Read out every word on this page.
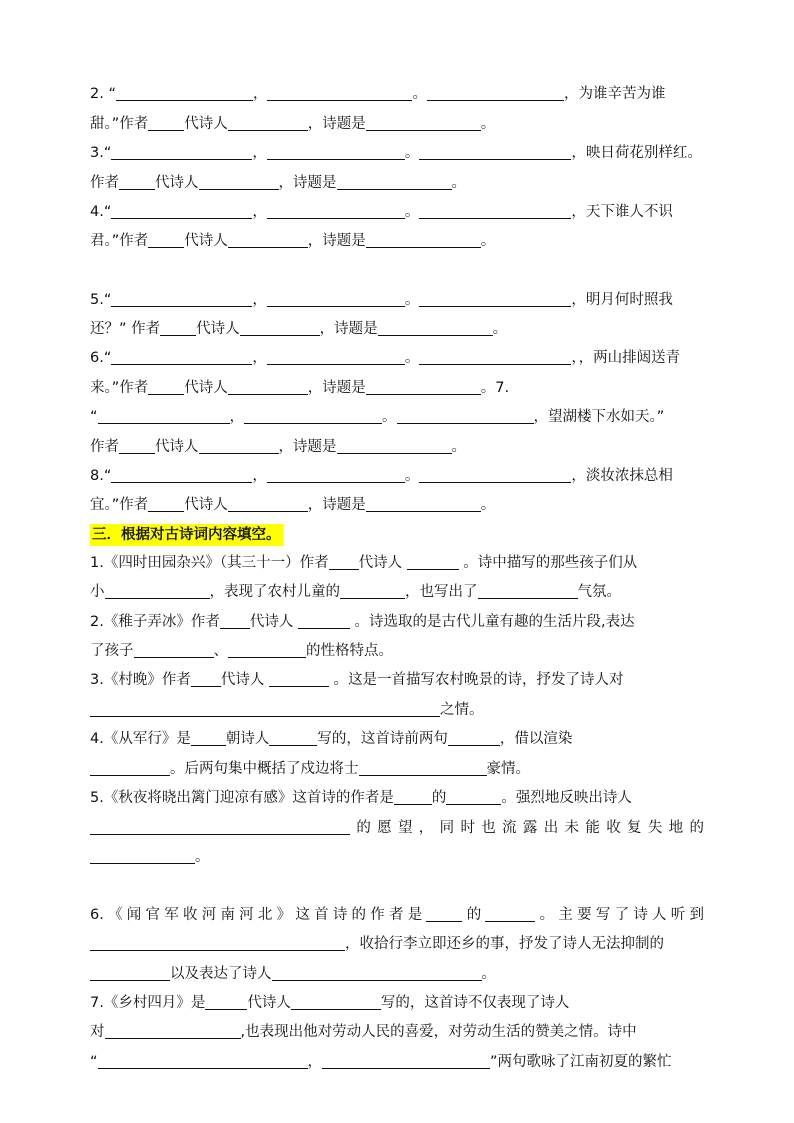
2. “	，	。	，为谁辛苦为谁
甜。”作者 代诗人	，诗题是	。
3.“	，	。	，映日荷花别样红。
作者 代诗人	，诗题是	。
4.“	，	。	，天下谁人不识
君。”作者 代诗人	，诗题是	。
5.“	，	。	，明月何时照我
还？” 作者 代诗人	，诗题是	。
6.“	，	。	，，两山排闼送青
来。”作者 代诗人	，诗题是	。7.
“	，	。	，望湖楼下水如天。”
作者 代诗人	，诗题是	。
8.“	，	。	，淡妆浓抹总相
宜。”作者 代诗人	，诗题是	。
三．根据对古诗词内容填空。
1.《四时田园杂兴》（其三十一）作者 代诗人	。诗中描写的那些孩子们从
小	，表现了农村儿童的	，也写出了	气氛。
2.《稚子弄冰》作者 代诗人	。诗选取的是古代儿童有趣的生活片段,表达
了孩子	、	的性格特点。
3.《村晚》作者 代诗人	。这是一首描写农村晚景的诗，抒发了诗人对
之情。
4.《从军行》是 朝诗人	写的，这首诗前两句	，借以渲染
。后两句集中概括了戍边将士	豪情。
5.《秋夜将晓出篱门迎凉有感》这首诗的作者是	的	。强烈地反映出诗人
的愿望，同时也流露出未能收复失地的
。
6.《闻官军收河南河北》这首诗的作者是 的	。主要写了诗人听到
，收拾行李立即还乡的事，抒发了诗人无法抑制的
以及表达了诗人	。
7.《乡村四月》是	代诗人	写的，这首诗不仅表现了诗人
对	,也表现出他对劳动人民的喜爱，对劳动生活的赞美之情。诗中
“	，	”两句歌咏了江南初夏的繁忙
